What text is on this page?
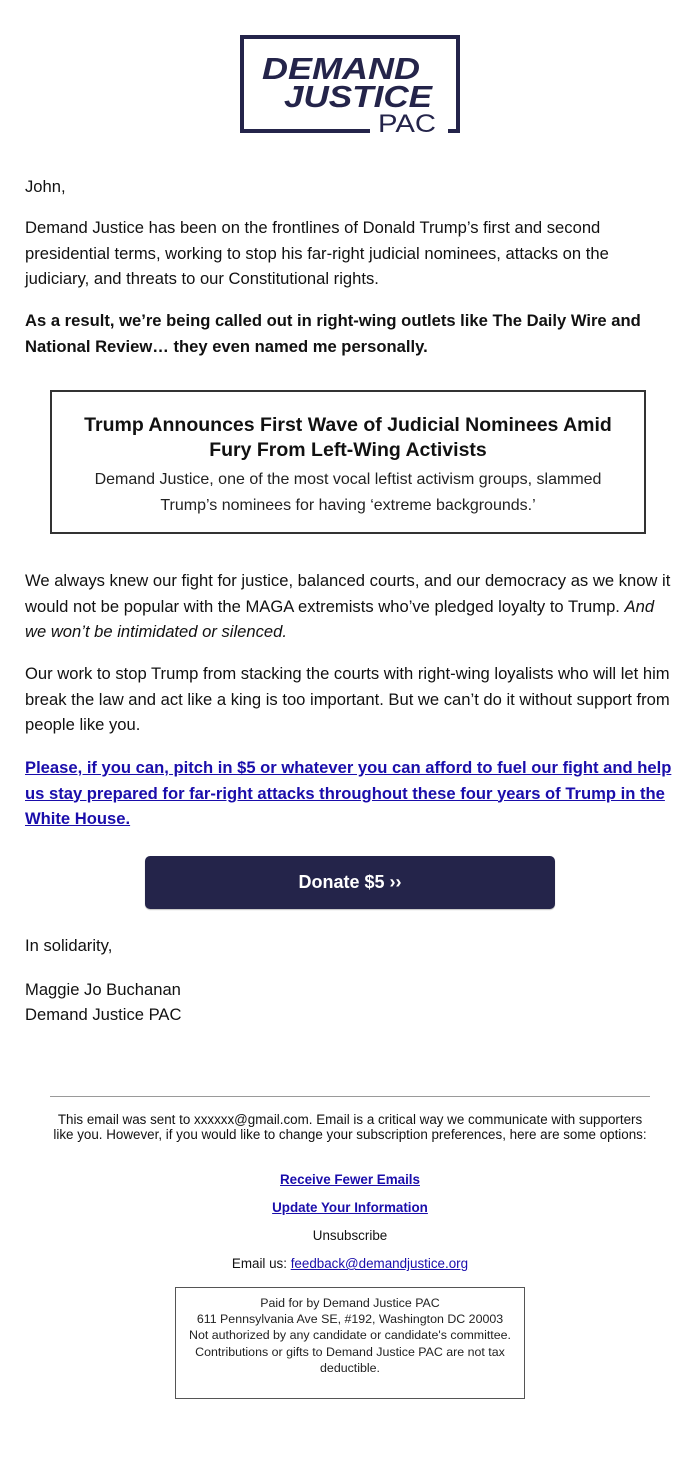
DEMAND
JUSTICE
PAC

John,

Demand Justice has been on the frontlines of Donald Trump’s first and second presidential terms, working to stop his far-right judicial nominees, attacks on the judiciary, and threats to our Constitutional rights.

As a result, we’re being called out in right-wing outlets like The Daily Wire and National Review… they even named me personally.

Trump Announces First Wave of Judicial Nominees Amid Fury From Left-Wing Activists
Demand Justice, one of the most vocal leftist activism groups, slammed Trump’s nominees for having ‘extreme backgrounds.’

We always knew our fight for justice, balanced courts, and our democracy as we know it would not be popular with the MAGA extremists who’ve pledged loyalty to Trump. And we won’t be intimidated or silenced.

Our work to stop Trump from stacking the courts with right-wing loyalists who will let him break the law and act like a king is too important. But we can’t do it without support from people like you.

Please, if you can, pitch in $5 or whatever you can afford to fuel our fight and help us stay prepared for far-right attacks throughout these four years of Trump in the White House.
Donate $5 ››

In solidarity,

Maggie Jo Buchanan

Demand Justice PAC

This email was sent to xxxxxx@gmail.com. Email is a critical way we communicate with supporters like you. However, if you would like to change your subscription preferences, here are some options:
Receive Fewer Emails
Update Your Information
Unsubscribe
Email us: feedback@demandjustice.org
Paid for by Demand Justice PAC
611 Pennsylvania Ave SE, #192, Washington DC 20003
Not authorized by any candidate or candidate's committee.
Contributions or gifts to Demand Justice PAC are not tax deductible.
